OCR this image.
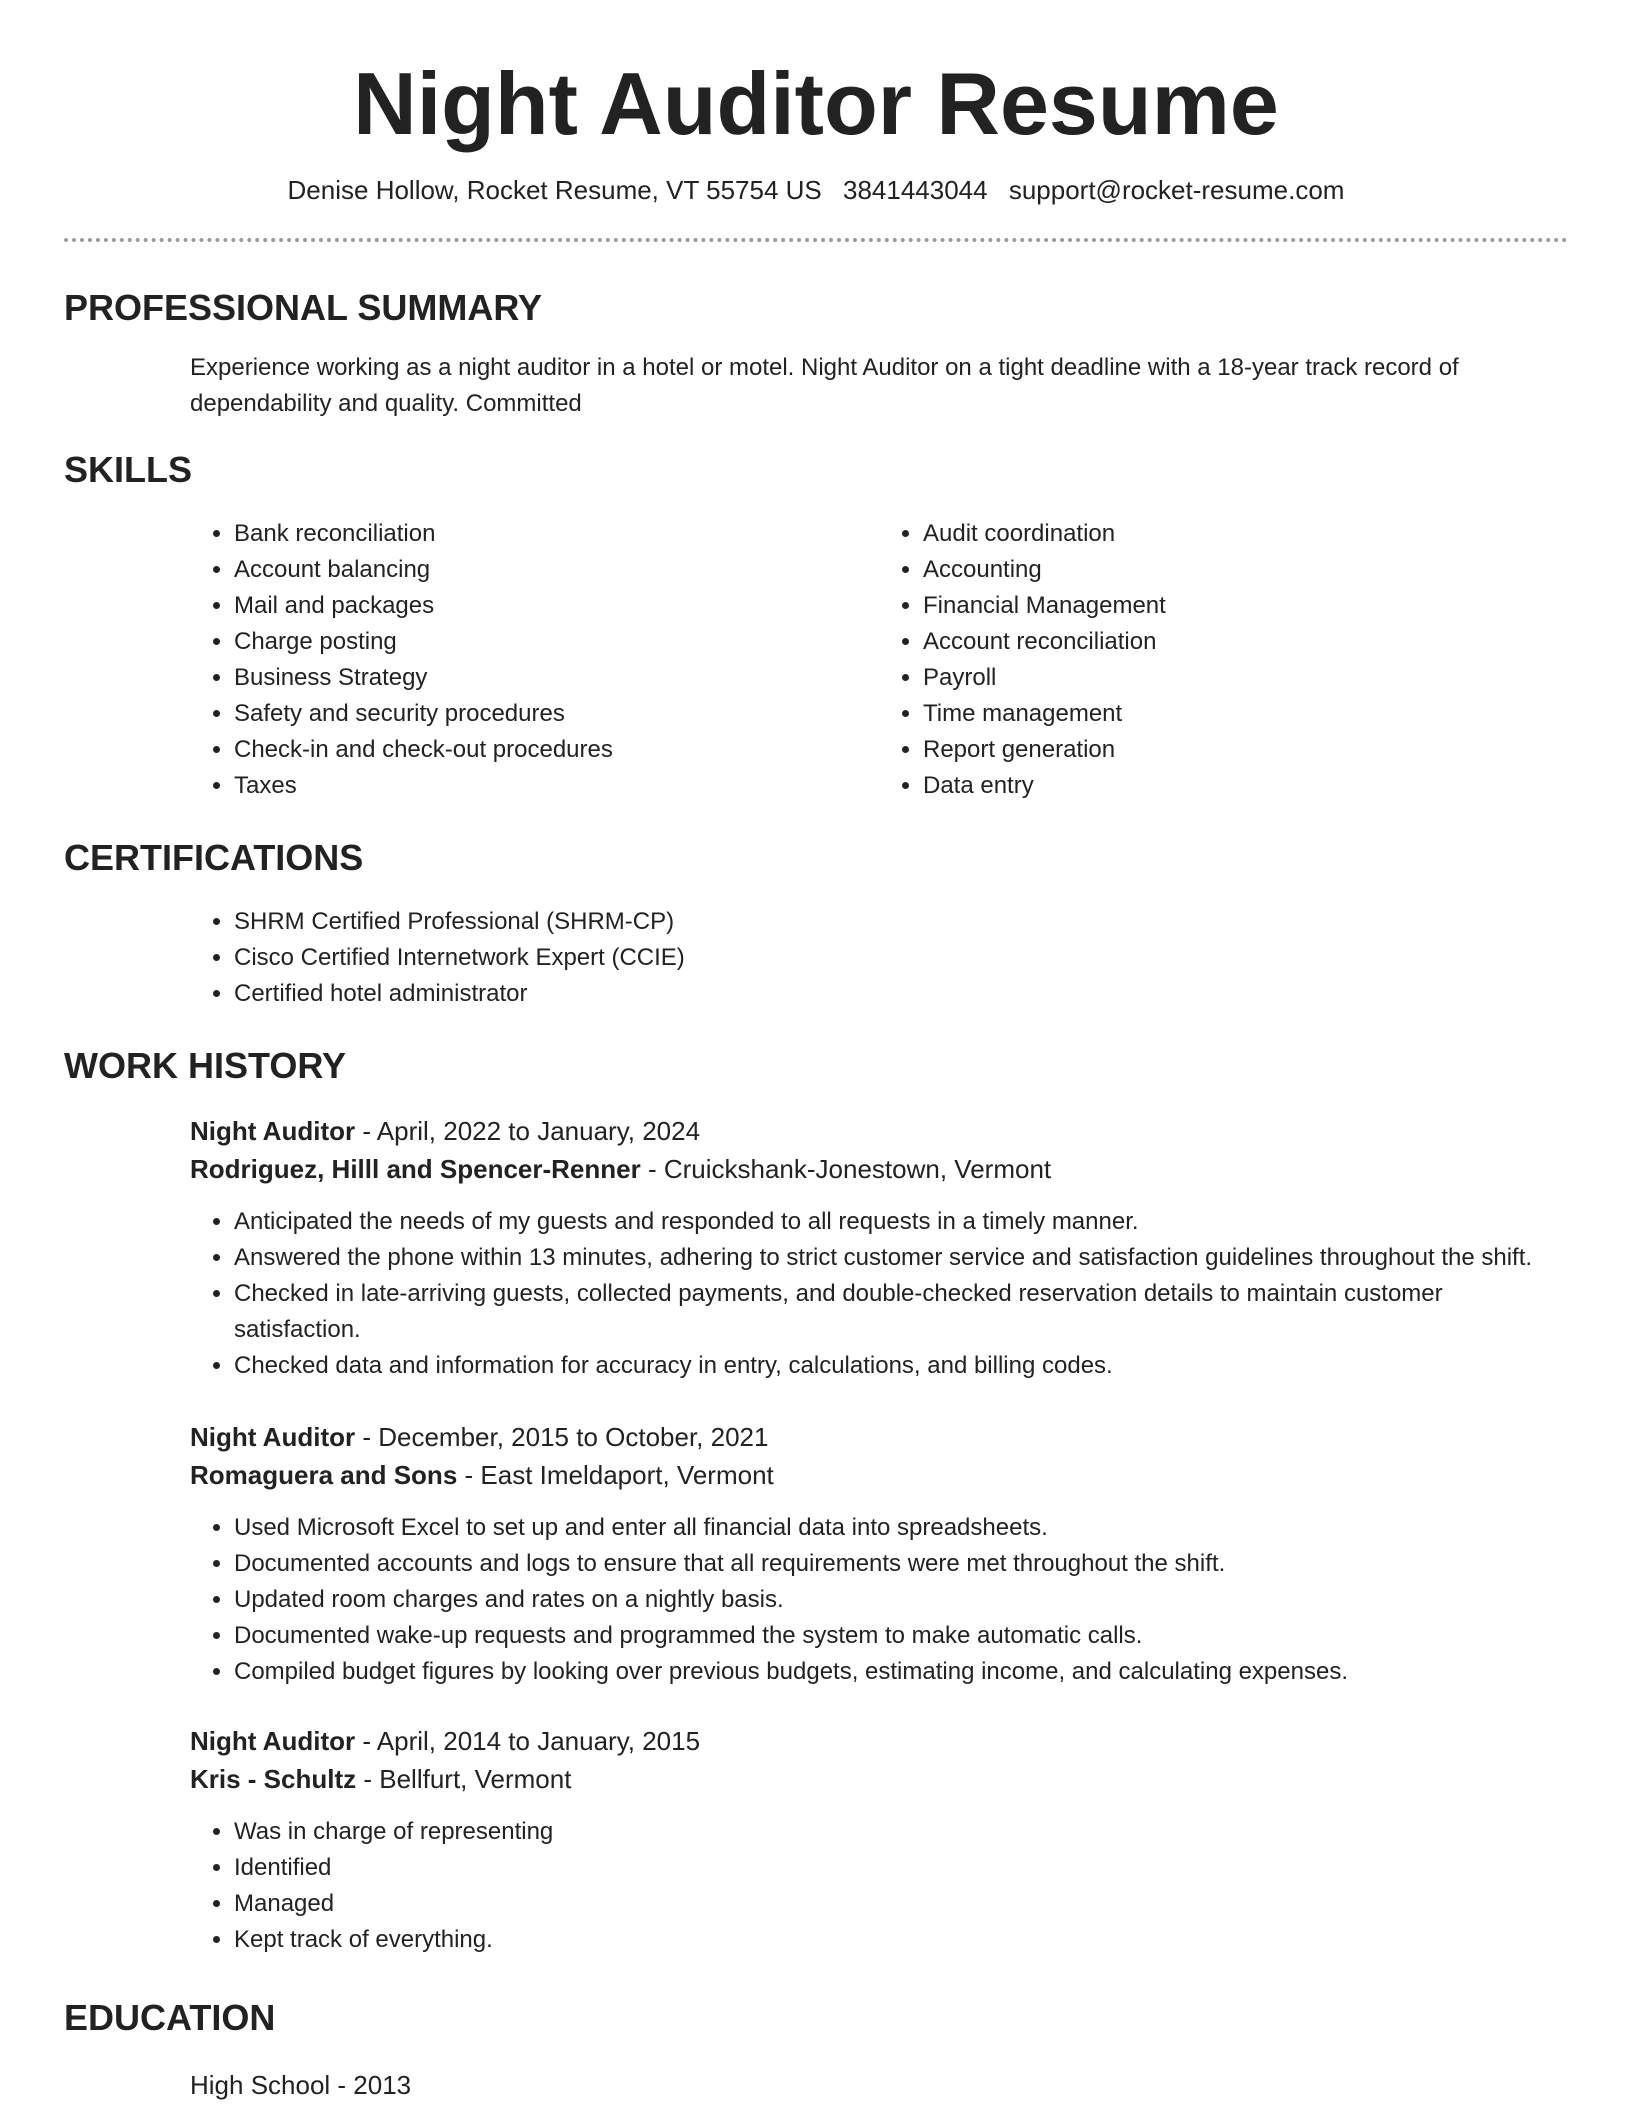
Night Auditor Resume
Denise Hollow, Rocket Resume, VT 55754 US 3841443044 support@rocket-resume.com
PROFESSIONAL SUMMARY

Experience working as a night auditor in a hotel or motel. Night Auditor on a tight deadline with a 18-year track record of dependability and quality. Committed

SKILLS
• Bank reconciliation
• Account balancing
• Mail and packages
• Charge posting
• Business Strategy
• Safety and security procedures
• Check-in and check-out procedures
• Taxes
• Audit coordination
• Accounting
• Financial Management
• Account reconciliation
• Payroll
• Time management
• Report generation
• Data entry
CERTIFICATIONS
• SHRM Certified Professional (SHRM-CP)
• Cisco Certified Internetwork Expert (CCIE)
• Certified hotel administrator
WORK HISTORY
Night Auditor - April, 2022 to January, 2024
Rodriguez, Hilll and Spencer-Renner - Cruickshank-Jonestown, Vermont
• Anticipated the needs of my guests and responded to all requests in a timely manner.
• Answered the phone within 13 minutes, adhering to strict customer service and satisfaction guidelines throughout the shift.
• Checked in late-arriving guests, collected payments, and double-checked reservation details to maintain customer satisfaction.
• Checked data and information for accuracy in entry, calculations, and billing codes.
Night Auditor - December, 2015 to October, 2021
Romaguera and Sons - East Imeldaport, Vermont
• Used Microsoft Excel to set up and enter all financial data into spreadsheets.
• Documented accounts and logs to ensure that all requirements were met throughout the shift.
• Updated room charges and rates on a nightly basis.
• Documented wake-up requests and programmed the system to make automatic calls.
• Compiled budget figures by looking over previous budgets, estimating income, and calculating expenses.
Night Auditor - April, 2014 to January, 2015
Kris - Schultz - Bellfurt, Vermont
• Was in charge of representing
• Identified
• Managed
• Kept track of everything.
EDUCATION
High School - 2013
